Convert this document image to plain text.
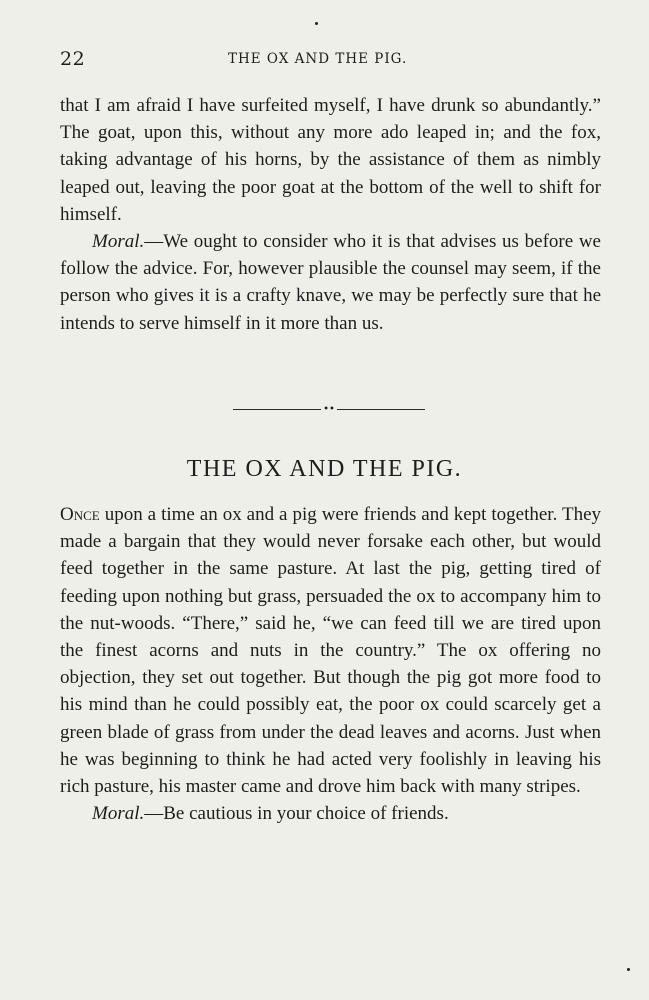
22	THE OX AND THE PIG.

that I am afraid I have surfeited myself, I have drunk so abundantly.” The goat, upon this, without any more ado leaped in; and the fox, taking advantage of his horns, by the assistance of them as nimbly leaped out, leaving the poor goat at the bottom of the well to shift for himself.

Moral.—We ought to consider who it is that advises us before we follow the advice. For, however plausible the counsel may seem, if the person who gives it is a crafty knave, we may be perfectly sure that he intends to serve himself in it more than us.

••
THE OX AND THE PIG.

Once upon a time an ox and a pig were friends and kept together. They made a bargain that they would never forsake each other, but would feed together in the same pasture. At last the pig, getting tired of feeding upon nothing but grass, persuaded the ox to accompany him to the nut-woods. “There,” said he, “we can feed till we are tired upon the finest acorns and nuts in the country.” The ox offering no objection, they set out together. But though the pig got more food to his mind than he could possibly eat, the poor ox could scarcely get a green blade of grass from under the dead leaves and acorns. Just when he was beginning to think he had acted very foolishly in leaving his rich pasture, his master came and drove him back with many stripes.

Moral.—Be cautious in your choice of friends.
